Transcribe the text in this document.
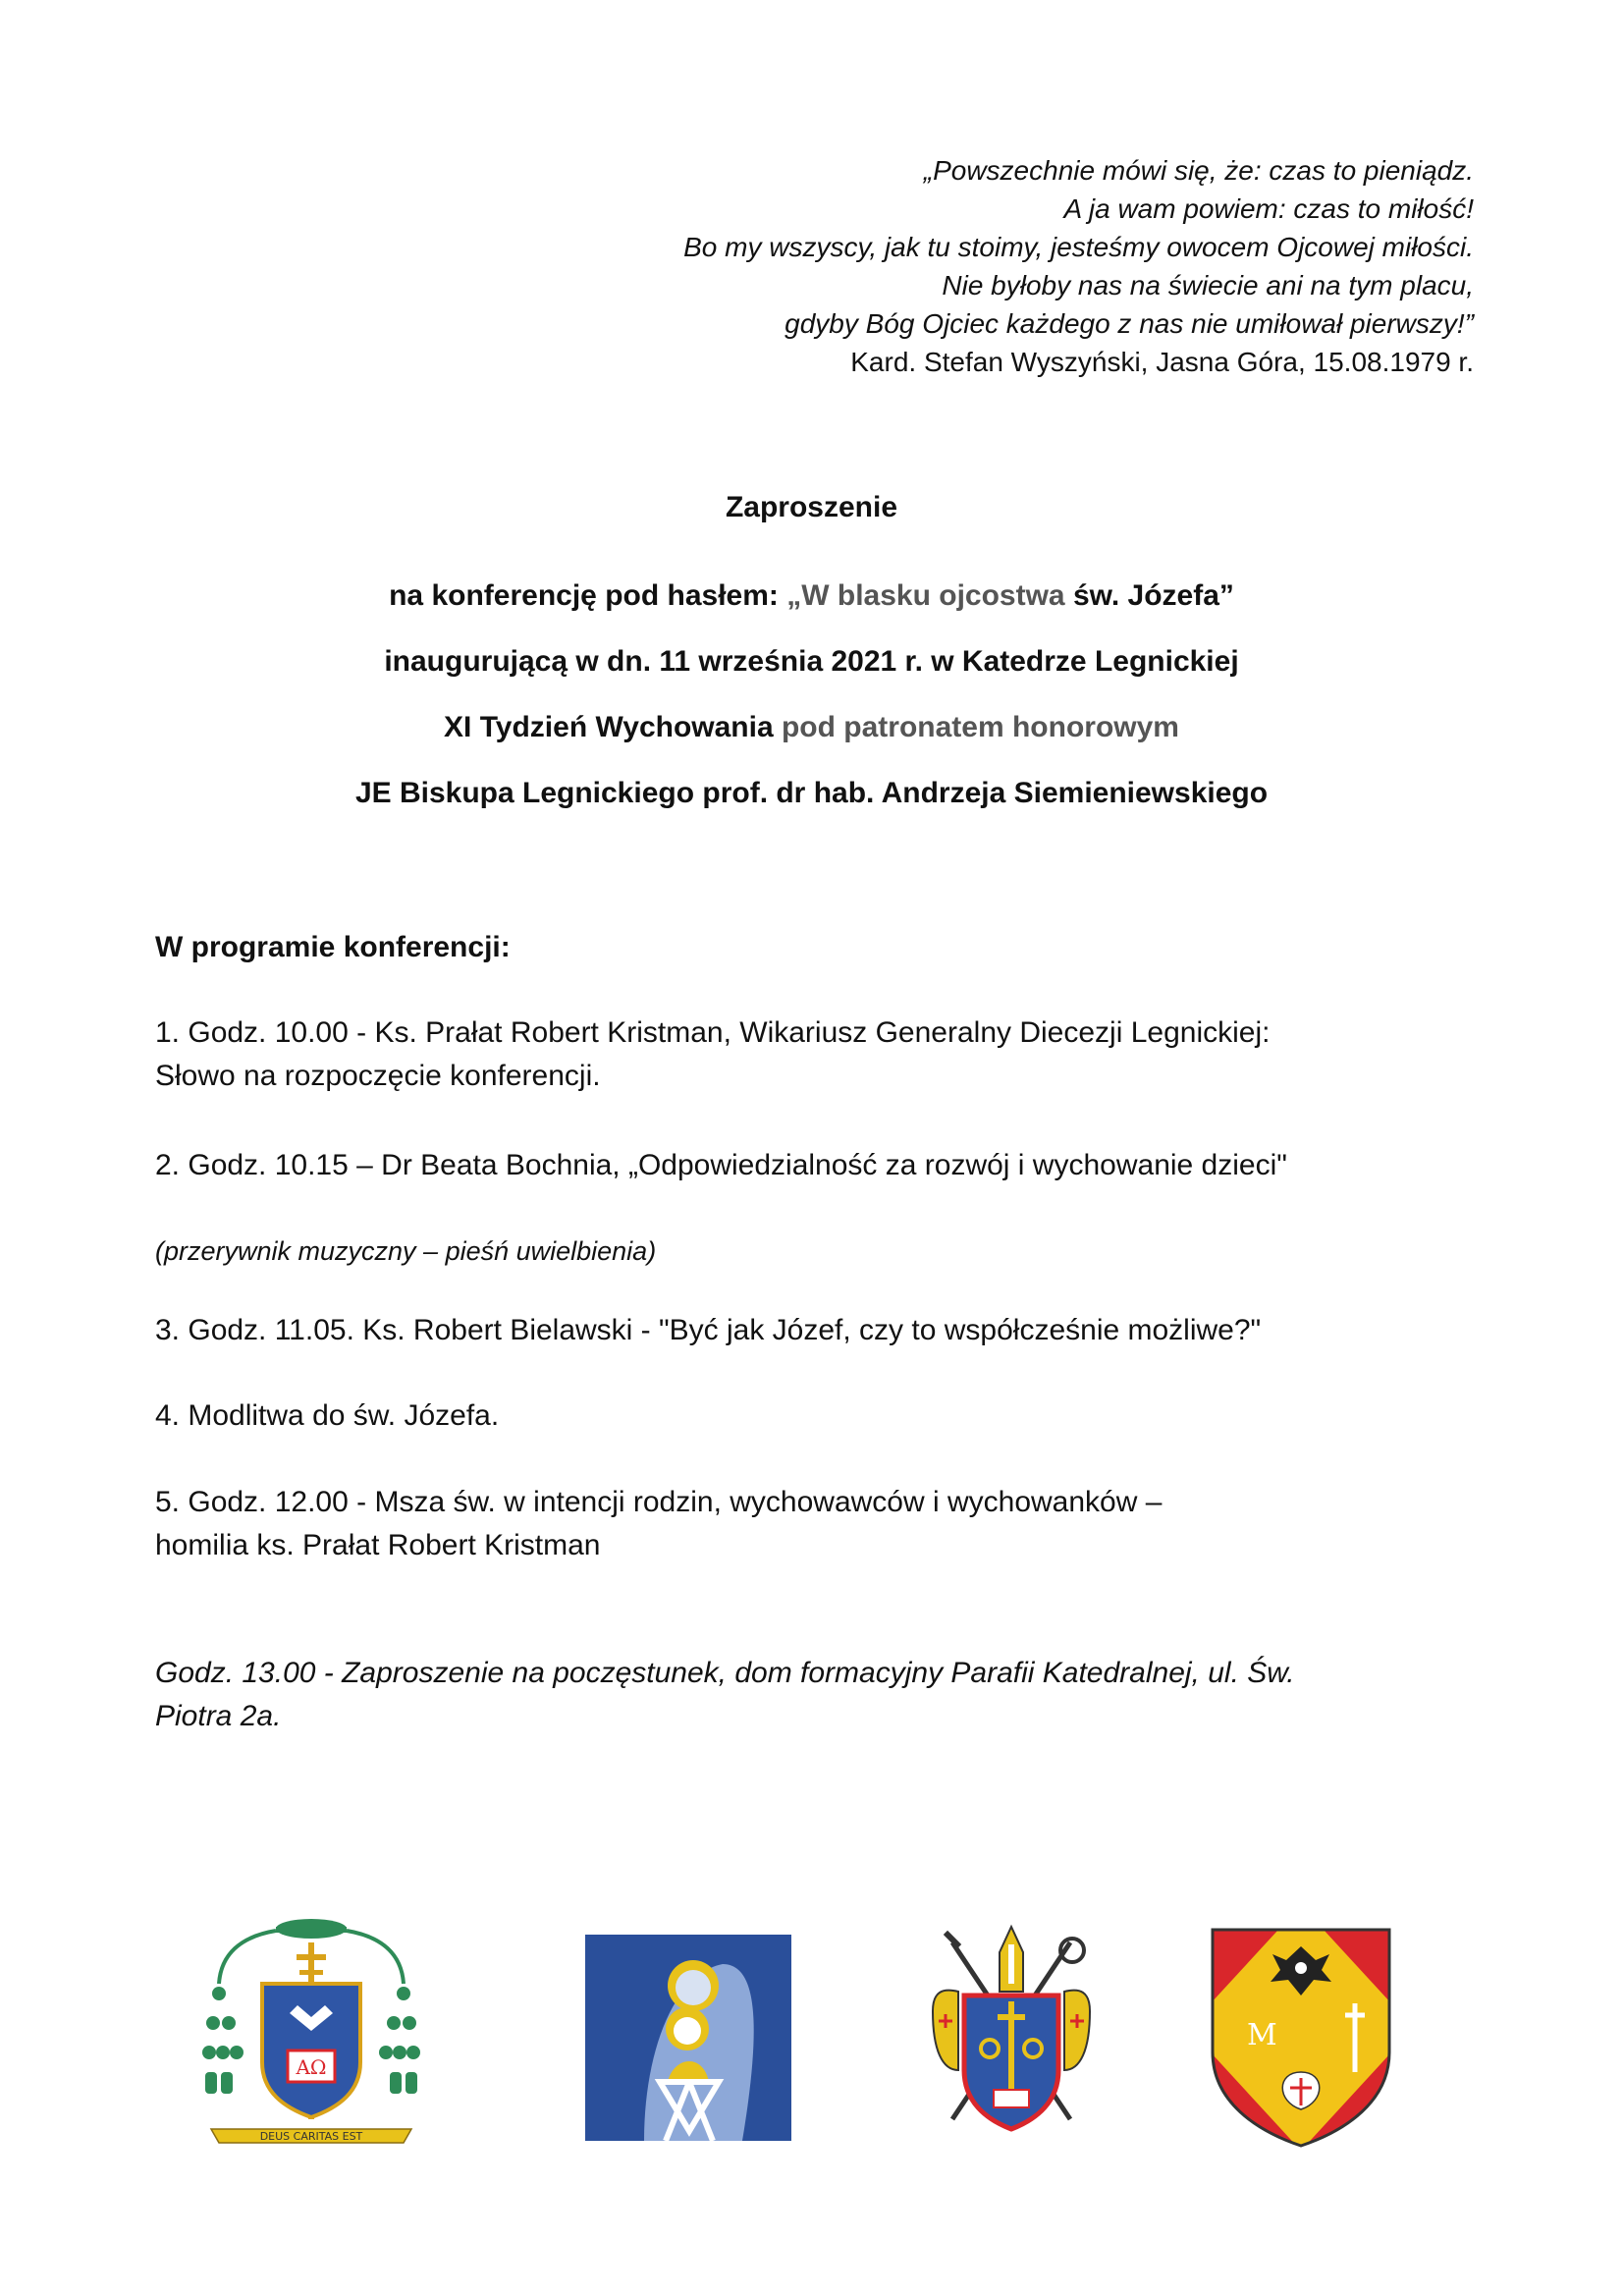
„Powszechnie mówi się, że: czas to pieniądz.
A ja wam powiem: czas to miłość!
Bo my wszyscy, jak tu stoimy, jesteśmy owocem Ojcowej miłości.
Nie byłoby nas na świecie ani na tym placu,
gdyby Bóg Ojciec każdego z nas nie umiłował pierwszy!”
Kard. Stefan Wyszyński, Jasna Góra, 15.08.1979 r.
Zaproszenie
na konferencję pod hasłem: „W blasku ojcostwa św. Józefa”
inaugurującą w dn. 11 września 2021 r. w Katedrze Legnickiej
XI Tydzień Wychowania pod patronatem honorowym
JE Biskupa Legnickiego prof. dr hab. Andrzeja Siemieniewskiego

W programie konferencji:

1. Godz. 10.00 - Ks. Prałat Robert Kristman, Wikariusz Generalny Diecezji Legnickiej:

Słowo na rozpoczęcie konferencji.

2. Godz. 10.15 – Dr Beata Bochnia, „Odpowiedzialność za rozwój i wychowanie dzieci"

(przerywnik muzyczny – pieśń uwielbienia)

3. Godz. 11.05. Ks. Robert Bielawski - "Być jak Józef, czy to współcześnie możliwe?"

4. Modlitwa do św. Józefa.

5. Godz. 12.00 - Msza św. w intencji rodzin, wychowawców i wychowanków –

homilia ks. Prałat Robert Kristman

Godz. 13.00 - Zaproszenie na poczęstunek, dom formacyjny Parafii Katedralnej, ul. Św.

Piotra 2a.

AΩ
DEUS CARITAS EST
M
